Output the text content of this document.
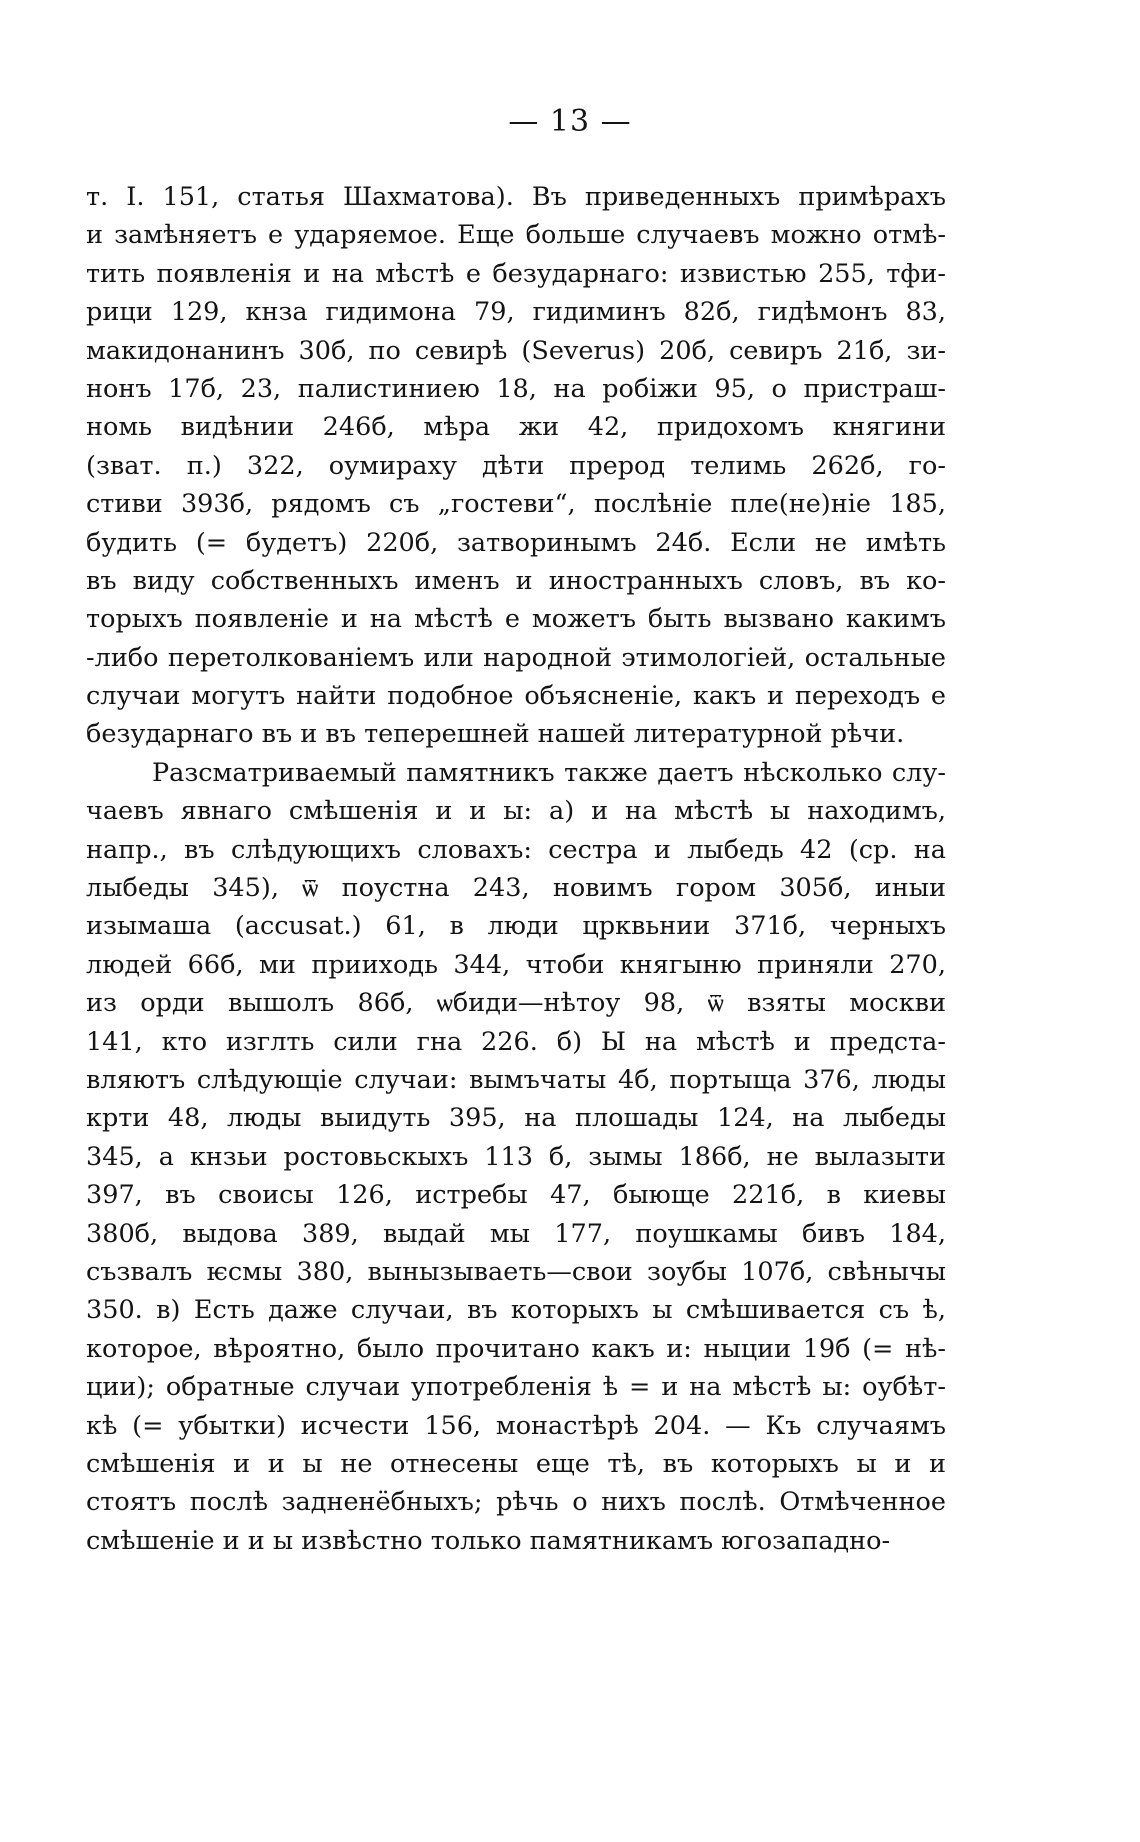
— 13 —
т. I. 151, статья Шахматова). Въ приведенныхъ примѣрахъ
и замѣняетъ е ударяемое. Еще больше случаевъ можно отмѣ-
тить появленія и на мѣстѣ е безударнаго: извистью 255, тфи-
рици 129, кнза гидимона 79, гидиминъ 82б, гидѣмонъ 83,
макидонанинъ 30б, по севирѣ (Severus) 20б, севиръ 21б, зи-
нонъ 17б, 23, палистиниею 18, на робіжи 95, о пристраш-
номь видѣнии 246б, мѣра жи 42, придохомъ княгини
(зват. п.) 322, оумираху дѣти прерод телимь 262б, го-
стиви 393б, рядомъ съ „гостеви“, послѣніе пле(не)ніе 185,
будить (= будетъ) 220б, затворинымъ 24б. Если не имѣть
въ виду собственныхъ именъ и иностранныхъ словъ, въ ко-
торыхъ появленіе и на мѣстѣ е можетъ быть вызвано какимъ
-либо перетолкованіемъ или народной этимологіей, остальные
случаи могутъ найти подобное объясненіе, какъ и переходъ е
безударнаго въ и въ теперешней нашей литературной рѣчи.
Разсматриваемый памятникъ также даетъ нѣсколько слу-
чаевъ явнаго смѣшенія и и ы: а) и на мѣстѣ ы находимъ,
напр., въ слѣдующихъ словахъ: сестра и лыбедь 42 (ср. на
лыбеды 345), ѿ поустна 243, новимъ гором 305б, иныи
изымаша (accusat.) 61, в люди црквьнии 371б, черныхъ
людей 66б, ми прииходь 344, чтоби княгыню приняли 270,
из орди вышолъ 86б, ѡбиди—нѣтоу 98, ѿ взяты москви
141, кто изглть сили гна 226. б) Ы на мѣстѣ и предста-
вляютъ слѣдующіе случаи: вымъчаты 4б, портыща 376, люды
крти 48, люды выидуть 395, на плошады 124, на лыбеды
345, а кнзьи ростовьскыхъ 113 б, зымы 186б, не вылазыти
397, въ своисы 126, истребы 47, быюще 221б, в киевы
380б, выдова 389, выдай мы 177, поушкамы бивъ 184,
съзвалъ ѥсмы 380, вынызываеть—свои зоубы 107б, свѣнычы
350. в) Есть даже случаи, въ которыхъ ы смѣшивается съ ѣ,
которое, вѣроятно, было прочитано какъ и: ныции 19б (= нѣ-
ции); обратные случаи употребленія ѣ = и на мѣстѣ ы: оубѣт-
кѣ (= убытки) исчести 156, монастѣрѣ 204. — Къ случаямъ
смѣшенія и и ы не отнесены еще тѣ, въ которыхъ ы и и
стоятъ послѣ задненёбныхъ; рѣчь о нихъ послѣ. Отмѣченное
смѣшеніе и и ы извѣстно только памятникамъ югозападно-
